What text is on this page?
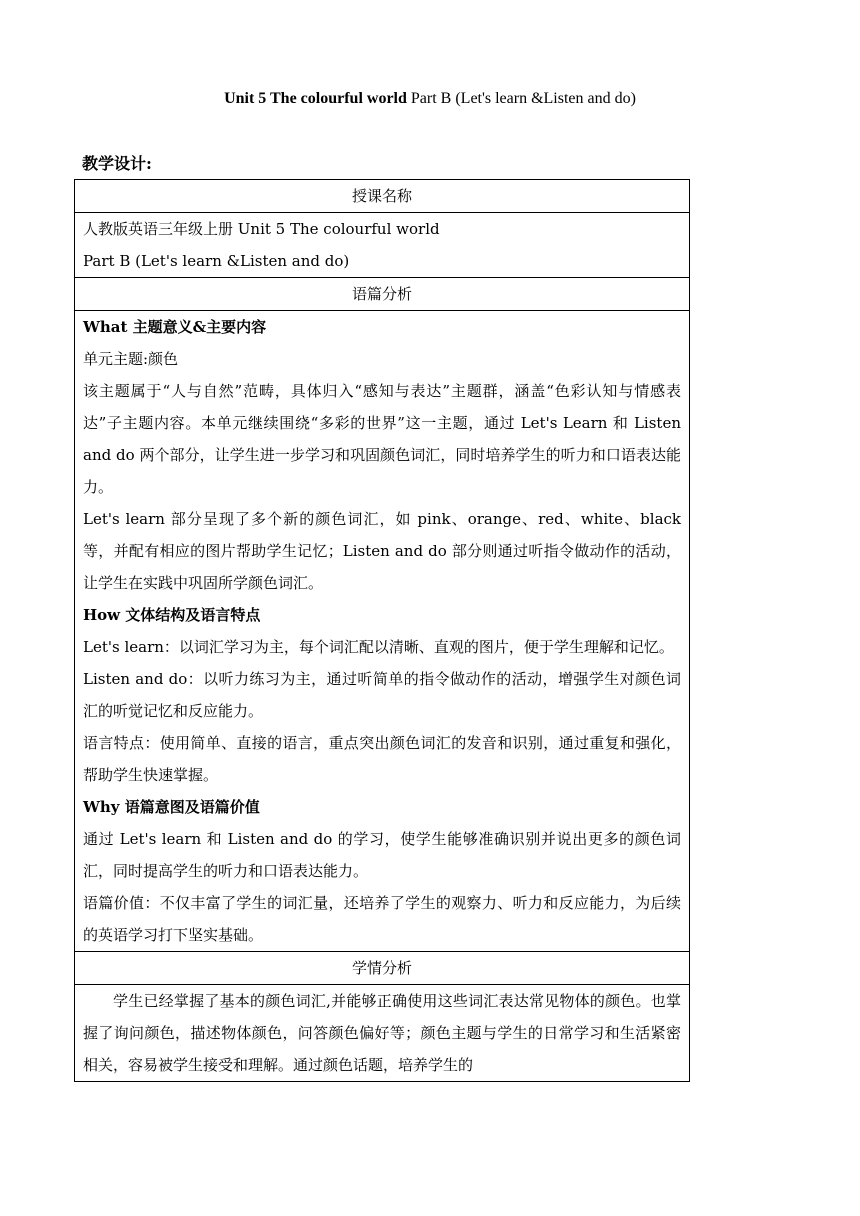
Unit 5 The colourful world Part B (Let's learn &Listen and do)
教学设计:
授课名称

人教版英语三年级上册 Unit 5 The colourful world

Part B (Let's learn &Listen and do)

语篇分析

What 主题意义&主要内容

单元主题:颜色

该主题属于“人与自然”范畴，具体归入“感知与表达”主题群，涵盖“色彩认知与情感表达”子主题内容。本单元继续围绕“多彩的世界”这一主题，通过 Let's Learn 和 Listen and do 两个部分，让学生进一步学习和巩固颜色词汇，同时培养学生的听力和口语表达能力。

Let's learn 部分呈现了多个新的颜色词汇，如 pink、orange、red、white、black 等，并配有相应的图片帮助学生记忆；Listen and do 部分则通过听指令做动作的活动，让学生在实践中巩固所学颜色词汇。

How 文体结构及语言特点

Let's learn：以词汇学习为主，每个词汇配以清晰、直观的图片，便于学生理解和记忆。

Listen and do：以听力练习为主，通过听简单的指令做动作的活动，增强学生对颜色词汇的听觉记忆和反应能力。

语言特点：使用简单、直接的语言，重点突出颜色词汇的发音和识别，通过重复和强化，帮助学生快速掌握。

Why 语篇意图及语篇价值

通过 Let's learn 和 Listen and do 的学习，使学生能够准确识别并说出更多的颜色词汇，同时提高学生的听力和口语表达能力。

语篇价值：不仅丰富了学生的词汇量，还培养了学生的观察力、听力和反应能力，为后续的英语学习打下坚实基础。

学情分析

学生已经掌握了基本的颜色词汇,并能够正确使用这些词汇表达常见物体的颜色。也掌握了询问颜色，描述物体颜色，问答颜色偏好等；颜色主题与学生的日常学习和生活紧密相关，容易被学生接受和理解。通过颜色话题，培养学生的
